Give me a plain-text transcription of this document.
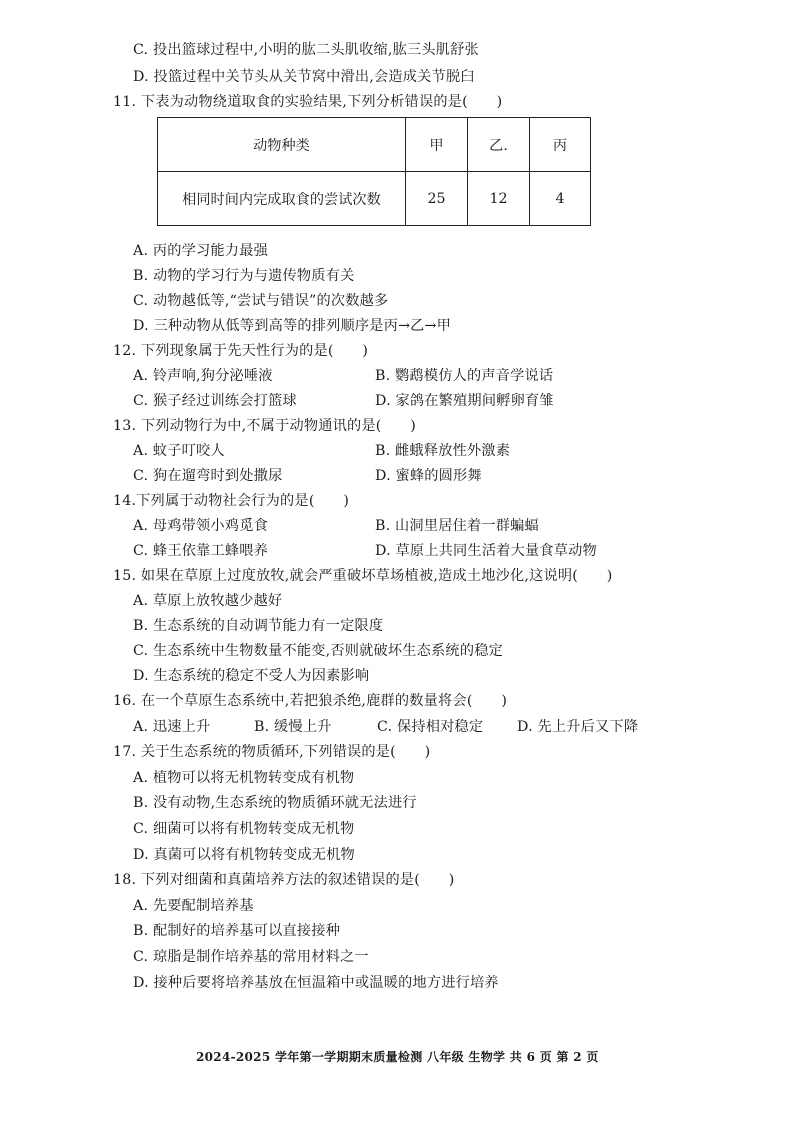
C. 投出篮球过程中,小明的肱二头肌收缩,肱三头肌舒张
D. 投篮过程中关节头从关节窝中滑出,会造成关节脱臼
11. 下表为动物绕道取食的实验结果,下列分析错误的是(　　)
动物种类	甲	乙.	丙
相同时间内完成取食的尝试次数	25	12	4
A. 丙的学习能力最强
B. 动物的学习行为与遗传物质有关
C. 动物越低等,“尝试与错误”的次数越多
D. 三种动物从低等到高等的排列顺序是丙→乙→甲
12. 下列现象属于先天性行为的是(　　)
A. 铃声响,狗分泌唾液	B. 鹦鹉模仿人的声音学说话
C. 猴子经过训练会打篮球	D. 家鸽在繁殖期间孵卵育雏
13. 下列动物行为中,不属于动物通讯的是(　　)
A. 蚊子叮咬人	B. 雌蛾释放性外激素
C. 狗在遛弯时到处撒尿	D. 蜜蜂的圆形舞
14.下列属于动物社会行为的是(　　)
A. 母鸡带领小鸡觅食	B. 山洞里居住着一群蝙蝠
C. 蜂王依靠工蜂喂养	D. 草原上共同生活着大量食草动物
15. 如果在草原上过度放牧,就会严重破坏草场植被,造成土地沙化,这说明(　　)
A. 草原上放牧越少越好
B. 生态系统的自动调节能力有一定限度
C. 生态系统中生物数量不能变,否则就破坏生态系统的稳定
D. 生态系统的稳定不受人为因素影响
16. 在一个草原生态系统中,若把狼杀绝,鹿群的数量将会(　　)
A. 迅速上升	B. 缓慢上升	C. 保持相对稳定 D. 先上升后又下降
17. 关于生态系统的物质循环,下列错误的是(　　)
A. 植物可以将无机物转变成有机物
B. 没有动物,生态系统的物质循环就无法进行
C. 细菌可以将有机物转变成无机物
D. 真菌可以将有机物转变成无机物
18. 下列对细菌和真菌培养方法的叙述错误的是(　　)
A. 先要配制培养基
B. 配制好的培养基可以直接接种
C. 琼脂是制作培养基的常用材料之一
D. 接种后要将培养基放在恒温箱中或温暖的地方进行培养
2024-2025 学年第一学期期末质量检测 八年级 生物学 共 6 页 第 2 页
